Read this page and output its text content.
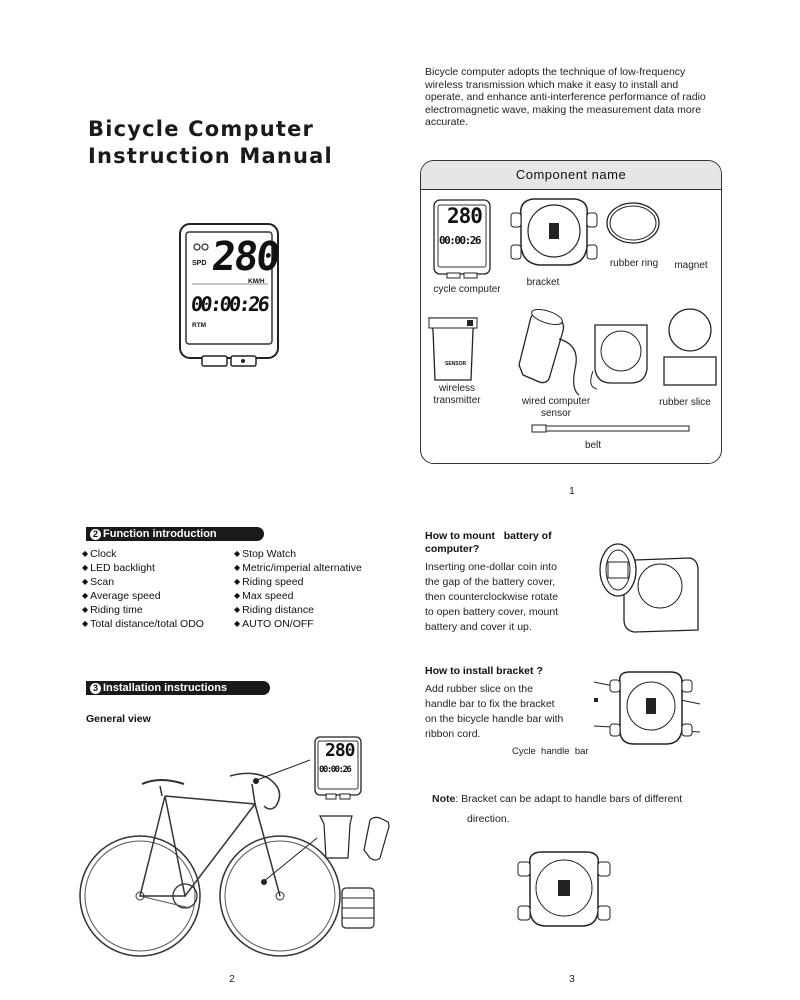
Bicycle Computer
Instruction Manual
Bicycle computer adopts the technique of low-frequency wireless transmission which make it easy to install and operate, and enhance anti-interference performance of radio electromagnetic wave, making the measurement data more accurate.
SPD 280
KM/H
00:00:26
RTM
Component name
280
00:00:26
cycle computer
bracket
rubber ring	magnet
SENSOR
wireless
transmitter	wired computer
sensor
rubber slice
belt
1
2 Function introduction
◆ Clock
◆ LED backlight
◆ Scan
◆ Average speed
◆ Riding time
◆ Total distance/total ODO
◆ Stop Watch
◆ Metric/imperial alternative
◆ Riding speed
◆ Max speed
◆ Riding distance
◆ AUTO ON/OFF
3 Installation instructions
General view
280
00:00:26
2
How to mount   battery of
computer?
Inserting one-dollar coin into
the gap of the battery cover,
then counterclockwise rotate
to open battery cover, mount
battery and cover it up.
How to install bracket ?
Add rubber slice on the
handle bar to fix the bracket
on the bicycle handle bar with
ribbon cord.
Cycle  handle  bar
Note: Bracket can be adapt to handle bars of different
direction.
3
